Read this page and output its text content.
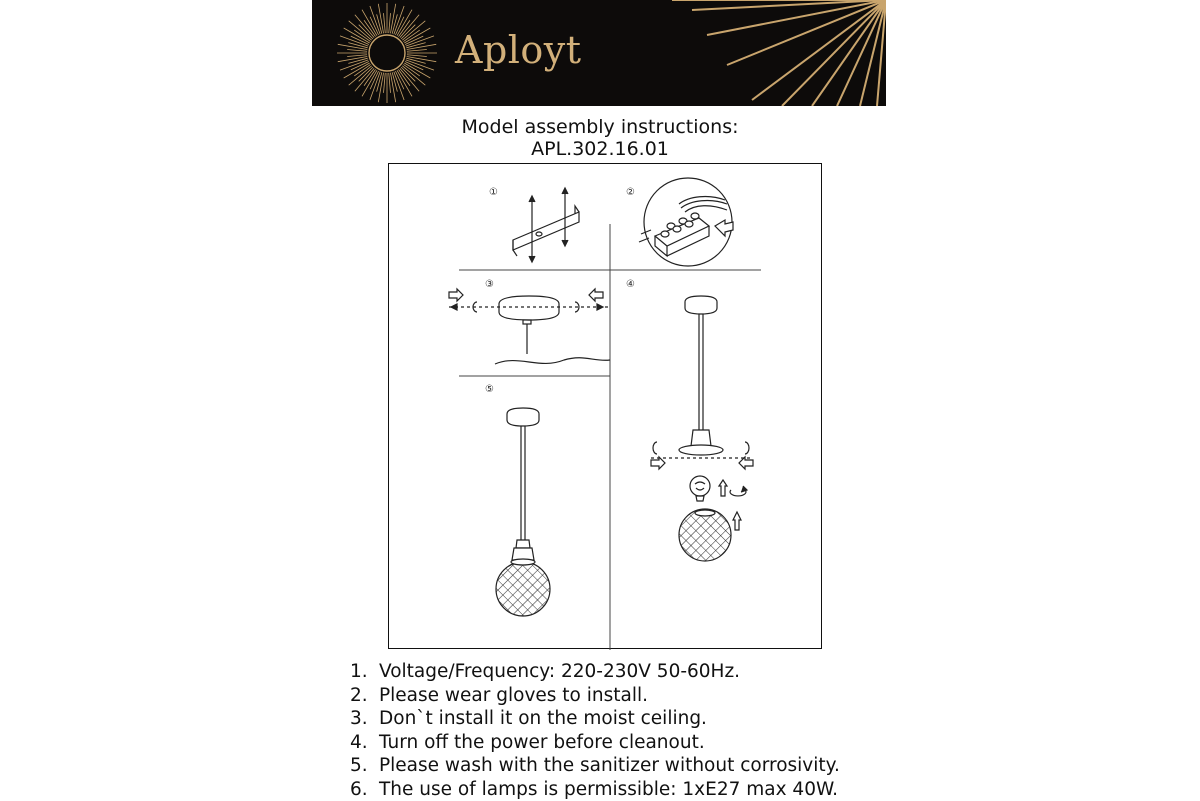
Aployt
Model assembly instructions:
APL.302.16.01
①	②
③	④
⑤
1. Voltage/Frequency: 220-230V 50-60Hz.
2. Please wear gloves to install.
3. Don`t install it on the moist ceiling.
4. Turn off the power before cleanout.
5. Please wash with the sanitizer without corrosivity.
6. The use of lamps is permissible: 1xE27 max 40W.
